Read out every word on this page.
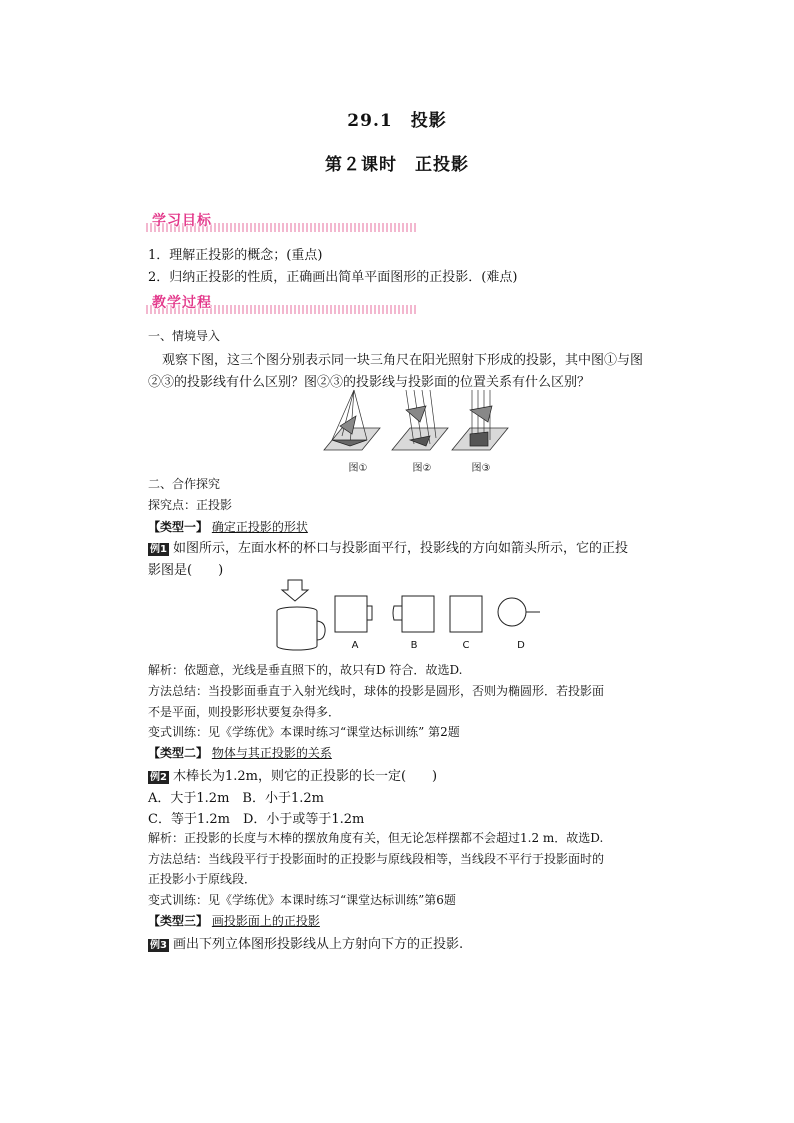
29.1　投影
第２课时　正投影
学习目标
1．理解正投影的概念；(重点)
2．归纳正投影的性质，正确画出简单平面图形的正投影．(难点)
教学过程
一、情境导入
观察下图，这三个图分别表示同一块三角尺在阳光照射下形成的投影，其中图①与图
②③的投影线有什么区别？图②③的投影线与投影面的位置关系有什么区别？
图①	图②	图③
二、合作探究
探究点：正投影
【类型一】 确定正投影的形状
例1 如图所示，左面水杯的杯口与投影面平行，投影线的方向如箭头所示，它的正投
影图是(　　)
A	B	C	D
解析：依题意，光线是垂直照下的，故只有D 符合．故选D.
方法总结：当投影面垂直于入射光线时，球体的投影是圆形，否则为椭圆形．若投影面
不是平面，则投影形状要复杂得多．
变式训练：见《学练优》本课时练习“课堂达标训练” 第2题
【类型二】 物体与其正投影的关系
例2 木棒长为1.2m，则它的正投影的长一定(　　)
A．大于1.2m　B．小于1.2m
C．等于1.2m　D．小于或等于1.2m
解析：正投影的长度与木棒的摆放角度有关，但无论怎样摆都不会超过1.2 m．故选D.
方法总结：当线段平行于投影面时的正投影与原线段相等，当线段不平行于投影面时的
正投影小于原线段．
变式训练：见《学练优》本课时练习“课堂达标训练”第6题
【类型三】 画投影面上的正投影
例3 画出下列立体图形投影线从上方射向下方的正投影.
